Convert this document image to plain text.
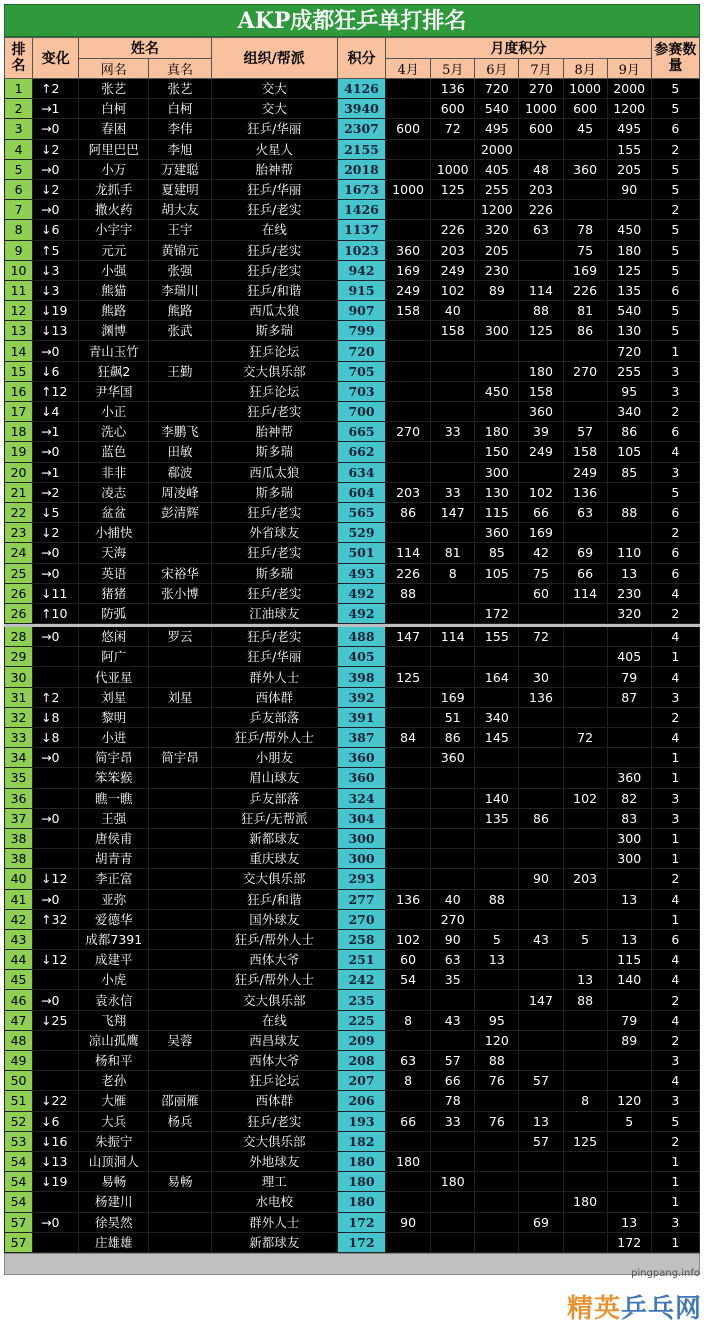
AKP成都狂乒单打排名
排名	变化	姓名		组织/帮派	积分	月度积分						参赛数量
		网名	真名			4月	5月	6月	7月	8月	9月	
1	↑2	张艺	张艺	交大	4126		136	720	270	1000	2000	5
2	→1	白柯	白柯	交大	3940		600	540	1000	600	1200	5
3	→0	春困	李伟	狂乒/华丽	2307	600	72	495	600	45	495	6
4	↓2	阿里巴巴	李旭	火星人	2155			2000			155	2
5	→0	小万	万建聪	胎神帮	2018		1000	405	48	360	205	5
6	↓2	龙抓手	夏建明	狂乒/华丽	1673	1000	125	255	203		90	5
7	→0	撒火药	胡大友	狂乒/老实	1426			1200	226			2
8	↓6	小宇宇	王宇	在线	1137		226	320	63	78	450	5
9	↑5	元元	黄锦元	狂乒/老实	1023	360	203	205		75	180	5
10	↓3	小强	张强	狂乒/老实	942	169	249	230		169	125	5
11	↓3	熊猫	李瑞川	狂乒/和谐	915	249	102	89	114	226	135	6
12	↓19	熊路	熊路	西瓜太狼	907	158	40		88	81	540	5
13	↓13	渊博	张武	斯多瑞	799		158	300	125	86	130	5
14	→0	青山玉竹		狂乒论坛	720						720	1
15	↓6	狂飙2	王勤	交大俱乐部	705				180	270	255	3
16	↑12	尹华国		狂乒论坛	703			450	158		95	3
17	↓4	小正		狂乒/老实	700				360		340	2
18	→1	洗心	李鹏飞	胎神帮	665	270	33	180	39	57	86	6
19	→0	蓝色	田敏	斯多瑞	662			150	249	158	105	4
20	→1	非非	郗波	西瓜太狼	634			300		249	85	3
21	→2	凌志	周凌峰	斯多瑞	604	203	33	130	102	136		5
22	↓5	盆盆	彭清辉	狂乒/老实	565	86	147	115	66	63	88	6
23	↓2	小捕快		外省球友	529			360	169			2
24	→0	天海		狂乒/老实	501	114	81	85	42	69	110	6
25	→0	英语	宋裕华	斯多瑞	493	226	8	105	75	66	13	6
26	↓11	猪猪	张小博	狂乒/老实	492	88			60	114	230	4
26	↑10	防弧		江油球友	492			172			320	2

28	→0	悠闲	罗云	狂乒/老实	488	147	114	155	72			4
29		阿广		狂乒/华丽	405						405	1
30		代亚星		群外人士	398	125		164	30		79	4
31	↑2	刘星	刘星	西体群	392		169		136		87	3
32	↓8	黎明		乒友部落	391		51	340				2
33	↓8	小进		狂乒/帮外人士	387	84	86	145		72		4
34	→0	简宇昂	简宇昂	小朋友	360		360					1
35		笨笨猴		眉山球友	360						360	1
36		瞧一瞧		乒友部落	324			140		102	82	3
37	→0	王强		狂乒/无帮派	304			135	86		83	3
38		唐侯甫		新都球友	300						300	1
38		胡青青		重庆球友	300						300	1
40	↓12	李正富		交大俱乐部	293				90	203		2
41	→0	亚弥		狂乒/和谐	277	136	40	88			13	4
42	↑32	爱德华		国外球友	270		270					1
43		成都7391		狂乒/帮外人士	258	102	90	5	43	5	13	6
44	↓12	成建平		西体大爷	251	60	63	13			115	4
45		小虎		狂乒/帮外人士	242	54	35			13	140	4
46	→0	袁永信		交大俱乐部	235				147	88		2
47	↓25	飞翔		在线	225	8	43	95			79	4
48		凉山孤鹰	吴蓉	西昌球友	209			120			89	2
49		杨和平		西体大爷	208	63	57	88				3
50		老孙		狂乒论坛	207	8	66	76	57			4
51	↓22	大雁	邵丽雁	西体群	206		78			8	120	3
52	↓6	大兵	杨兵	狂乒/老实	193	66	33	76	13		5	5
53	↓16	朱振宁		交大俱乐部	182				57	125		2
54	↓13	山顶洞人		外地球友	180	180						1
54	↓19	易畅	易畅	理工	180		180					1
54		杨建川		水电校	180					180		1
57	→0	徐昊然		群外人士	172	90			69		13	3
57		庄雄雄		新都球友	172						172	1
pingpang.info
精英乒乓网
